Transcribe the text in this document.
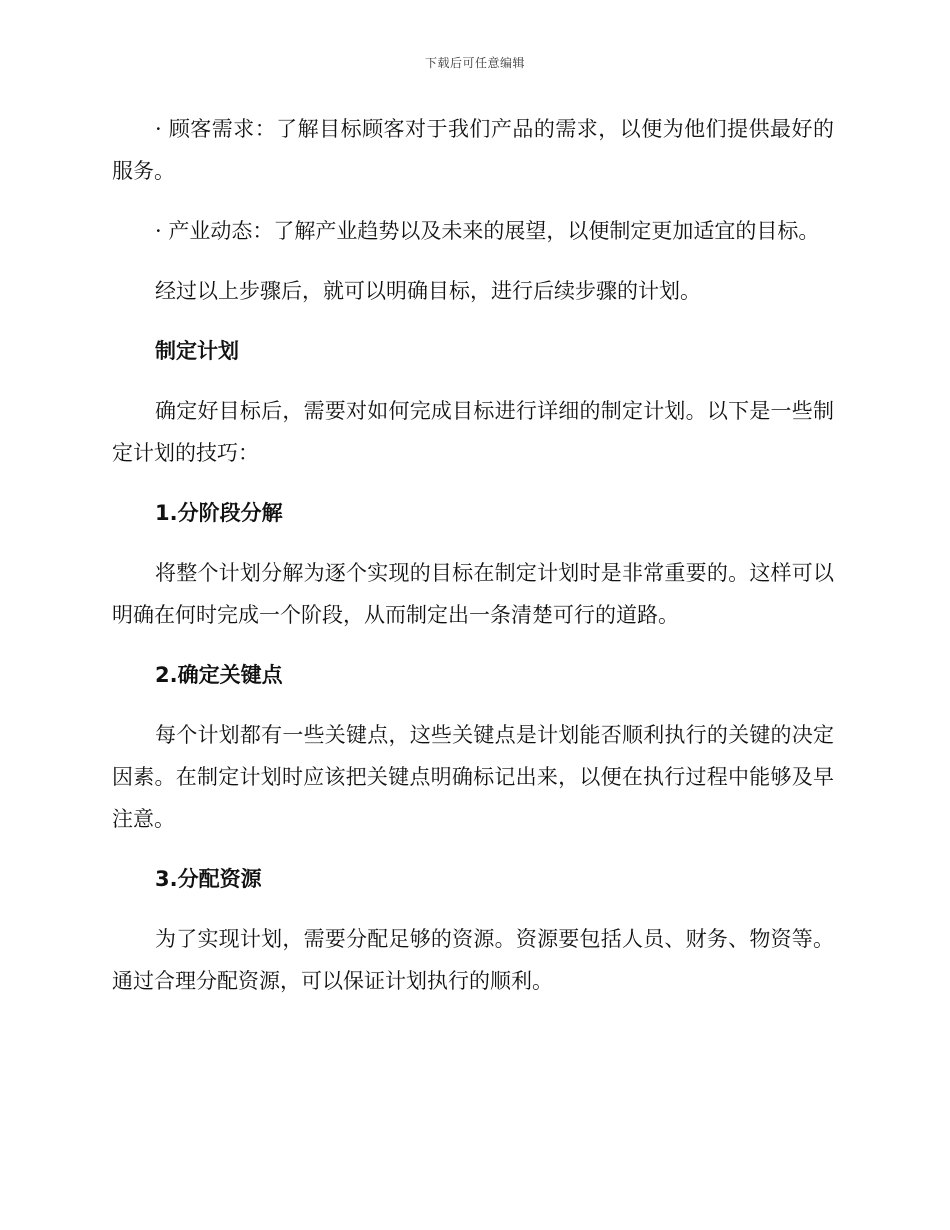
下载后可任意编辑

· 顾客需求：了解目标顾客对于我们产品的需求，以便为他们提供最好的服务。

· 产业动态：了解产业趋势以及未来的展望，以便制定更加适宜的目标。

经过以上步骤后，就可以明确目标，进行后续步骤的计划。

制定计划

确定好目标后，需要对如何完成目标进行详细的制定计划。以下是一些制定计划的技巧：

1.分阶段分解

将整个计划分解为逐个实现的目标在制定计划时是非常重要的。这样可以明确在何时完成一个阶段，从而制定出一条清楚可行的道路。

2.确定关键点

每个计划都有一些关键点，这些关键点是计划能否顺利执行的关键的决定因素。在制定计划时应该把关键点明确标记出来，以便在执行过程中能够及早注意。

3.分配资源

为了实现计划，需要分配足够的资源。资源要包括人员、财务、物资等。通过合理分配资源，可以保证计划执行的顺利。
